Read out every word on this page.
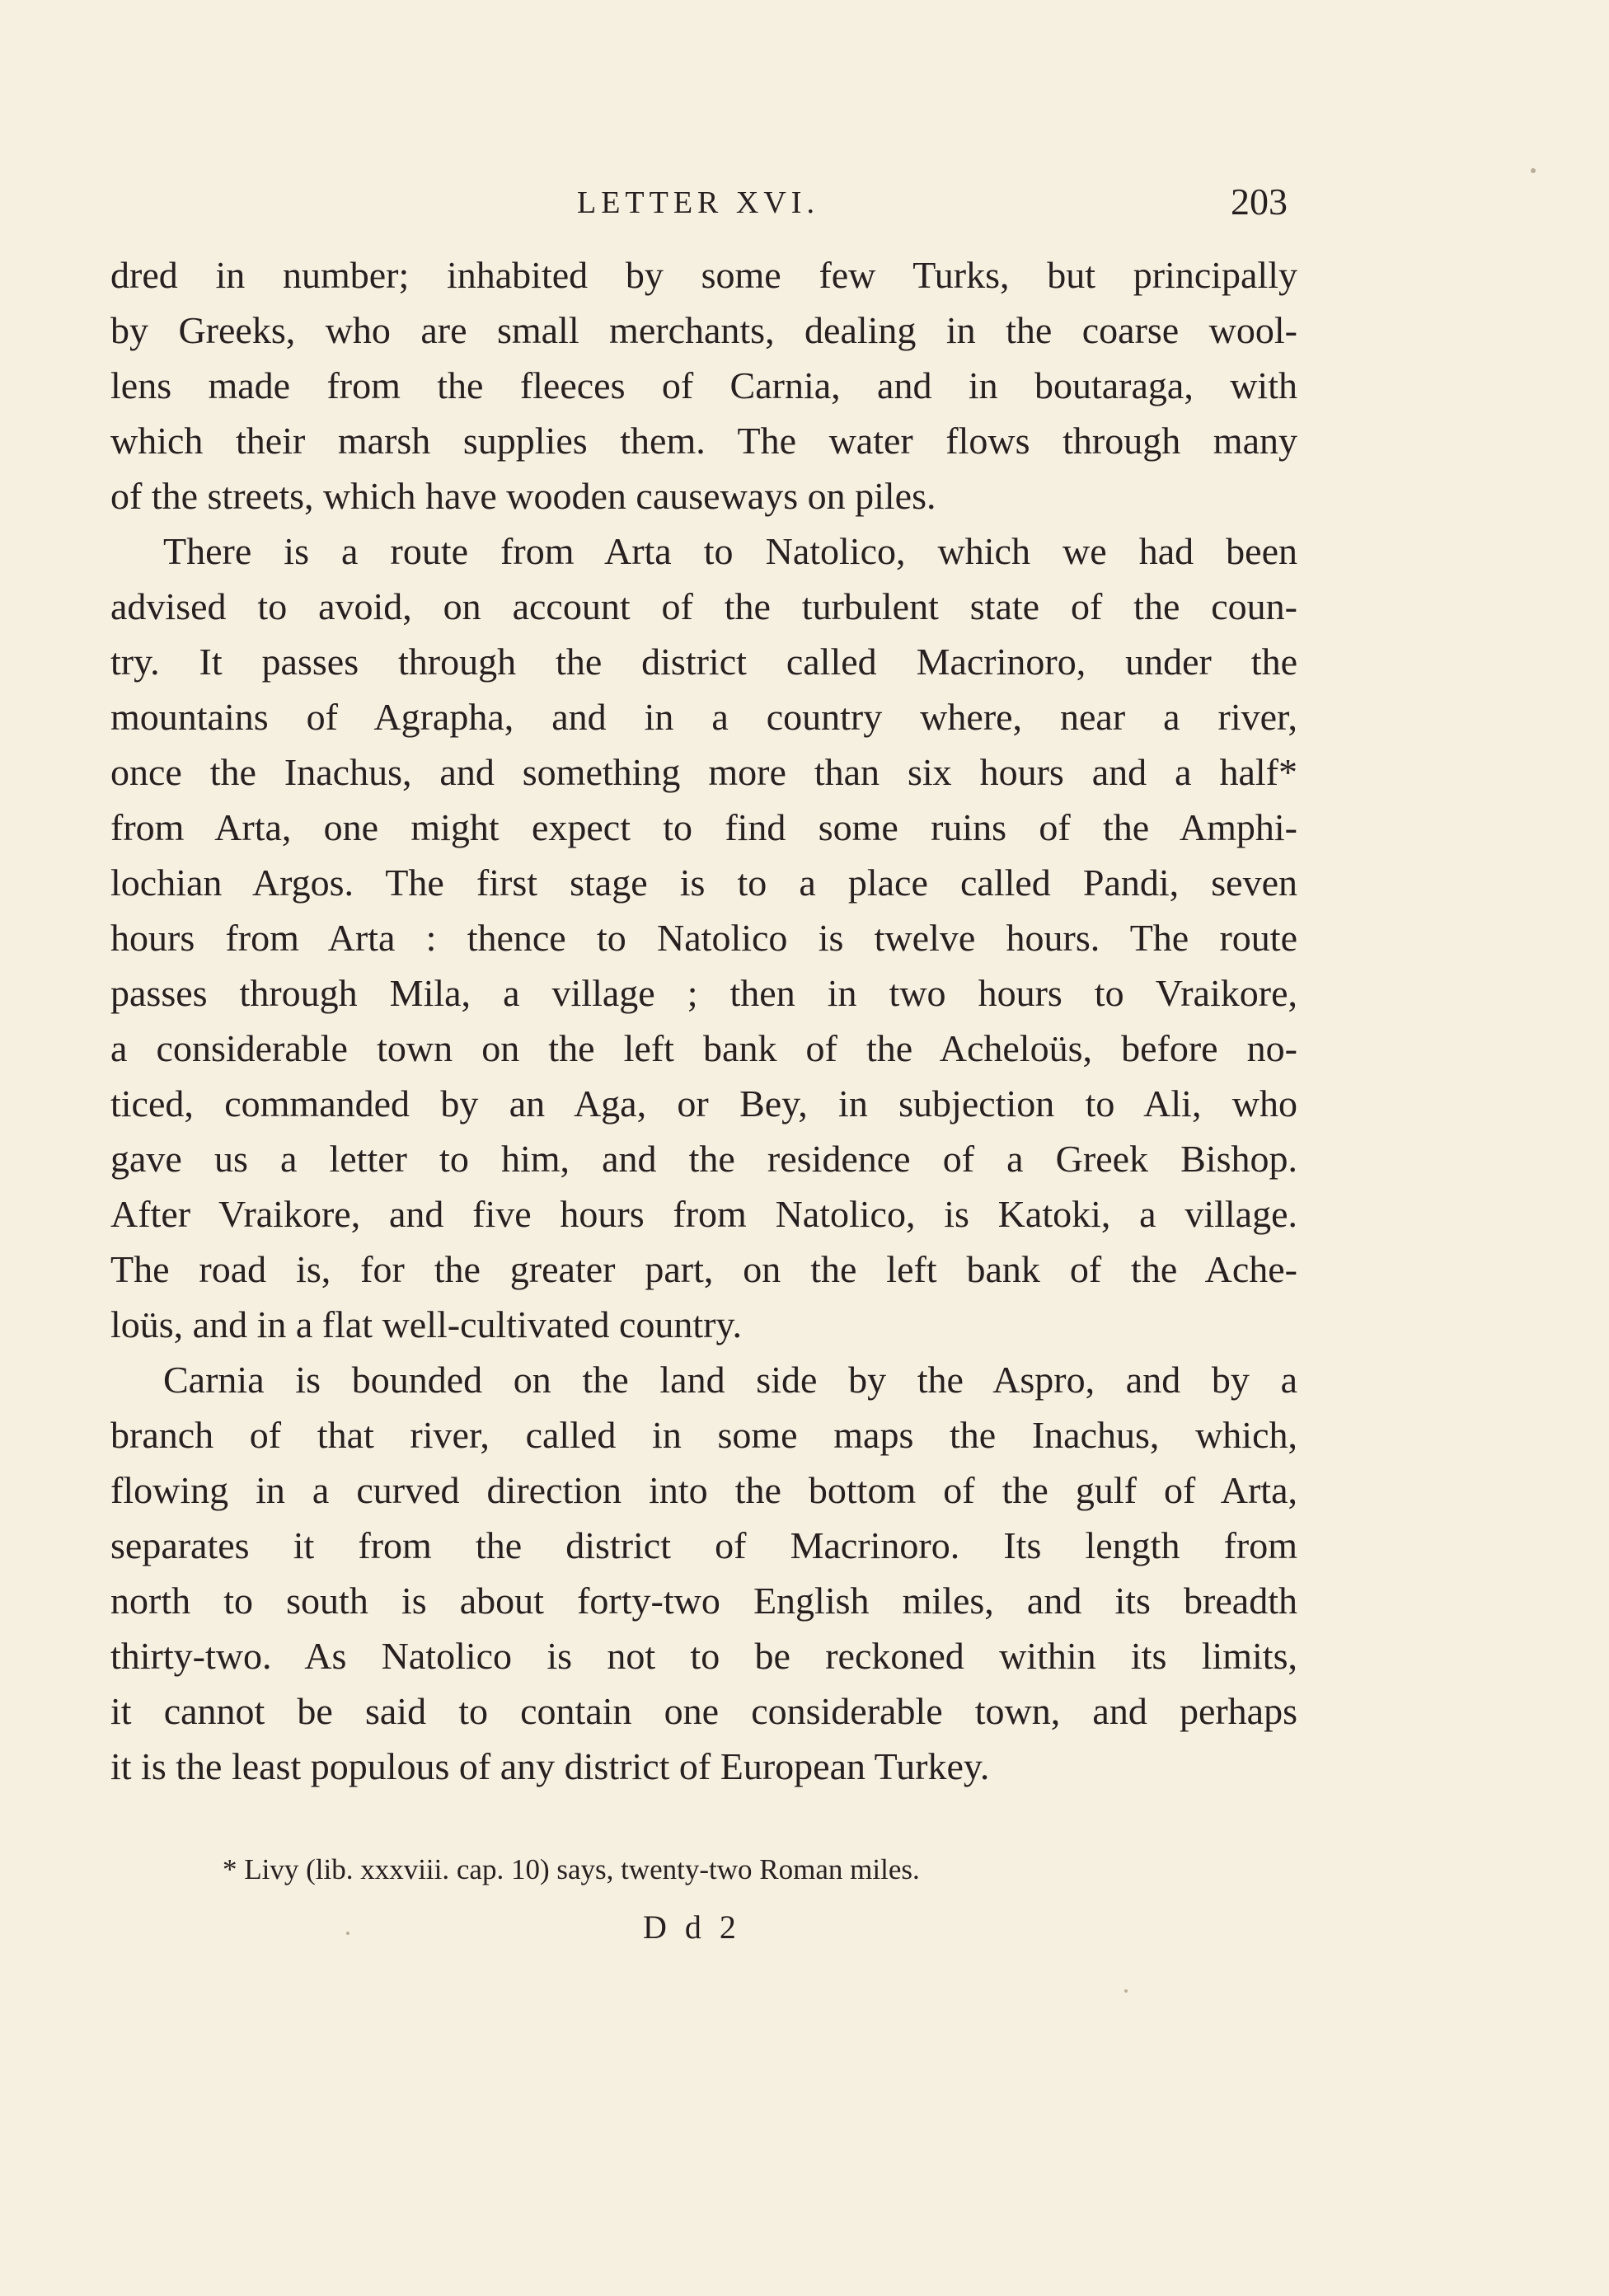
LETTER XVI.	203
dred in number; inhabited by some few Turks, but principally
by Greeks, who are small merchants, dealing in the coarse wool-
lens made from the fleeces of Carnia, and in boutaraga, with
which their marsh supplies them. The water flows through many
of the streets, which have wooden causeways on piles.
There is a route from Arta to Natolico, which we had been
advised to avoid, on account of the turbulent state of the coun-
try. It passes through the district called Macrinoro, under the
mountains of Agrapha, and in a country where, near a river,
once the Inachus, and something more than six hours and a half*
from Arta, one might expect to find some ruins of the Amphi-
lochian Argos. The first stage is to a place called Pandi, seven
hours from Arta : thence to Natolico is twelve hours. The route
passes through Mila, a village ; then in two hours to Vraikore,
a considerable town on the left bank of the Acheloüs, before no-
ticed, commanded by an Aga, or Bey, in subjection to Ali, who
gave us a letter to him, and the residence of a Greek Bishop.
After Vraikore, and five hours from Natolico, is Katoki, a village.
The road is, for the greater part, on the left bank of the Ache-
loüs, and in a flat well-cultivated country.
Carnia is bounded on the land side by the Aspro, and by a
branch of that river, called in some maps the Inachus, which,
flowing in a curved direction into the bottom of the gulf of Arta,
separates it from the district of Macrinoro. Its length from
north to south is about forty-two English miles, and its breadth
thirty-two. As Natolico is not to be reckoned within its limits,
it cannot be said to contain one considerable town, and perhaps
it is the least populous of any district of European Turkey.
* Livy (lib. xxxviii. cap. 10) says, twenty-two Roman miles.
D d 2
